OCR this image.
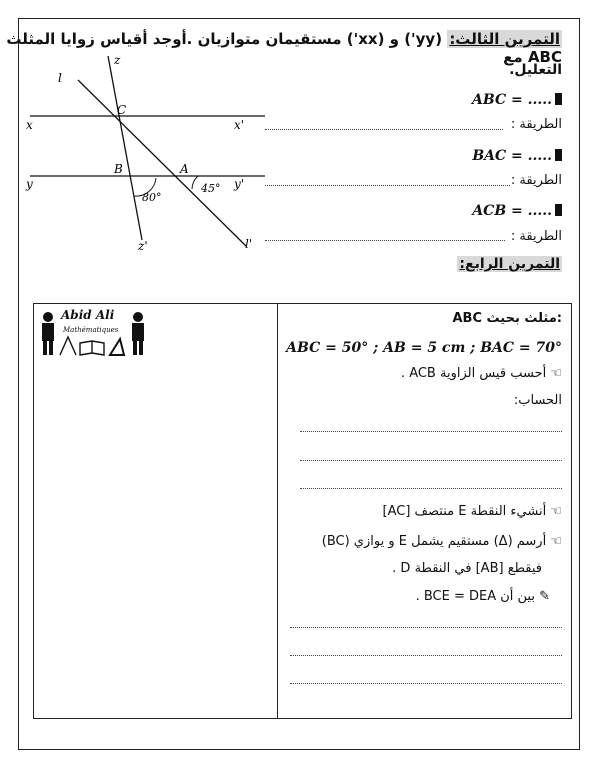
التمرين الثالث: (yy') و (xx') مستقيمان متوازيان .أوجد أقياس زوايا المثلث ABC مع
التعليل.
ABC = .....
الطريقة :
BAC = .....
الطريقة :
ACB = .....
الطريقة :
l
z
x	x'
y	y'
C
B	A
z'	l'
80°
45°
التمرين الرابع:
Abid Ali
Mathématiques
ABC مثلث بحيث:
ABC = 50° ; AB = 5 cm ; BAC = 70°
☜ أحسب قيس الزاوية ACB .
الحساب:
☜ أنشيء النقطة E منتصف [AC]
☜ أرسم (Δ) مستقيم يشمل E و يوازي (BC)
فيقطع [AB] في النقطة D .
✎ بين أن BCE = DEA .
